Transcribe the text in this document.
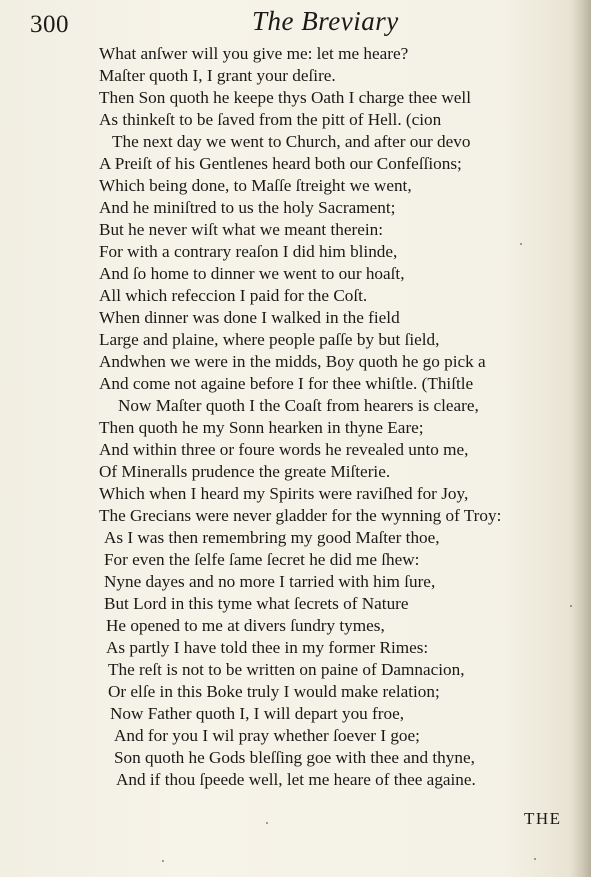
300	The Breviary
What anſwer will you give me: let me heare?
Maſter quoth I, I grant your deſire.
Then Son quoth he keepe thys Oath I charge thee well
As thinkeſt to be ſaved from the pitt of Hell. (cion
The next day we went to Church, and after our devo
A Preiſt of his Gentlenes heard both our Confeſſions;
Which being done, to Maſſe ſtreight we went,
And he miniſtred to us the holy Sacrament;
But he never wiſt what we meant therein:
For with a contrary reaſon I did him blinde,
And ſo home to dinner we went to our hoaſt,
All which refeccion I paid for the Coſt.
When dinner was done I walked in the field
Large and plaine, where people paſſe by but ſield,
Andwhen we were in the midds, Boy quoth he go pick a
And come not againe before I for thee whiſtle. (Thiſtle
Now Maſter quoth I the Coaſt from hearers is cleare,
Then quoth he my Sonn hearken in thyne Eare;
And within three or foure words he revealed unto me,
Of Mineralls prudence the greate Miſterie.
Which when I heard my Spirits were raviſhed for Joy,
The Grecians were never gladder for the wynning of Troy:
As I was then remembring my good Maſter thoe,
For even the ſelfe ſame ſecret he did me ſhew:
Nyne dayes and no more I tarried with him ſure,
But Lord in this tyme what ſecrets of Nature
He opened to me at divers ſundry tymes,
As partly I have told thee in my former Rimes:
The reſt is not to be written on paine of Damnacion,
Or elſe in this Boke truly I would make relation;
Now Father quoth I, I will depart you froe,
And for you I wil pray whether ſoever I goe;
Son quoth he Gods bleſſing goe with thee and thyne,
And if thou ſpeede well, let me heare of thee againe.
THE
